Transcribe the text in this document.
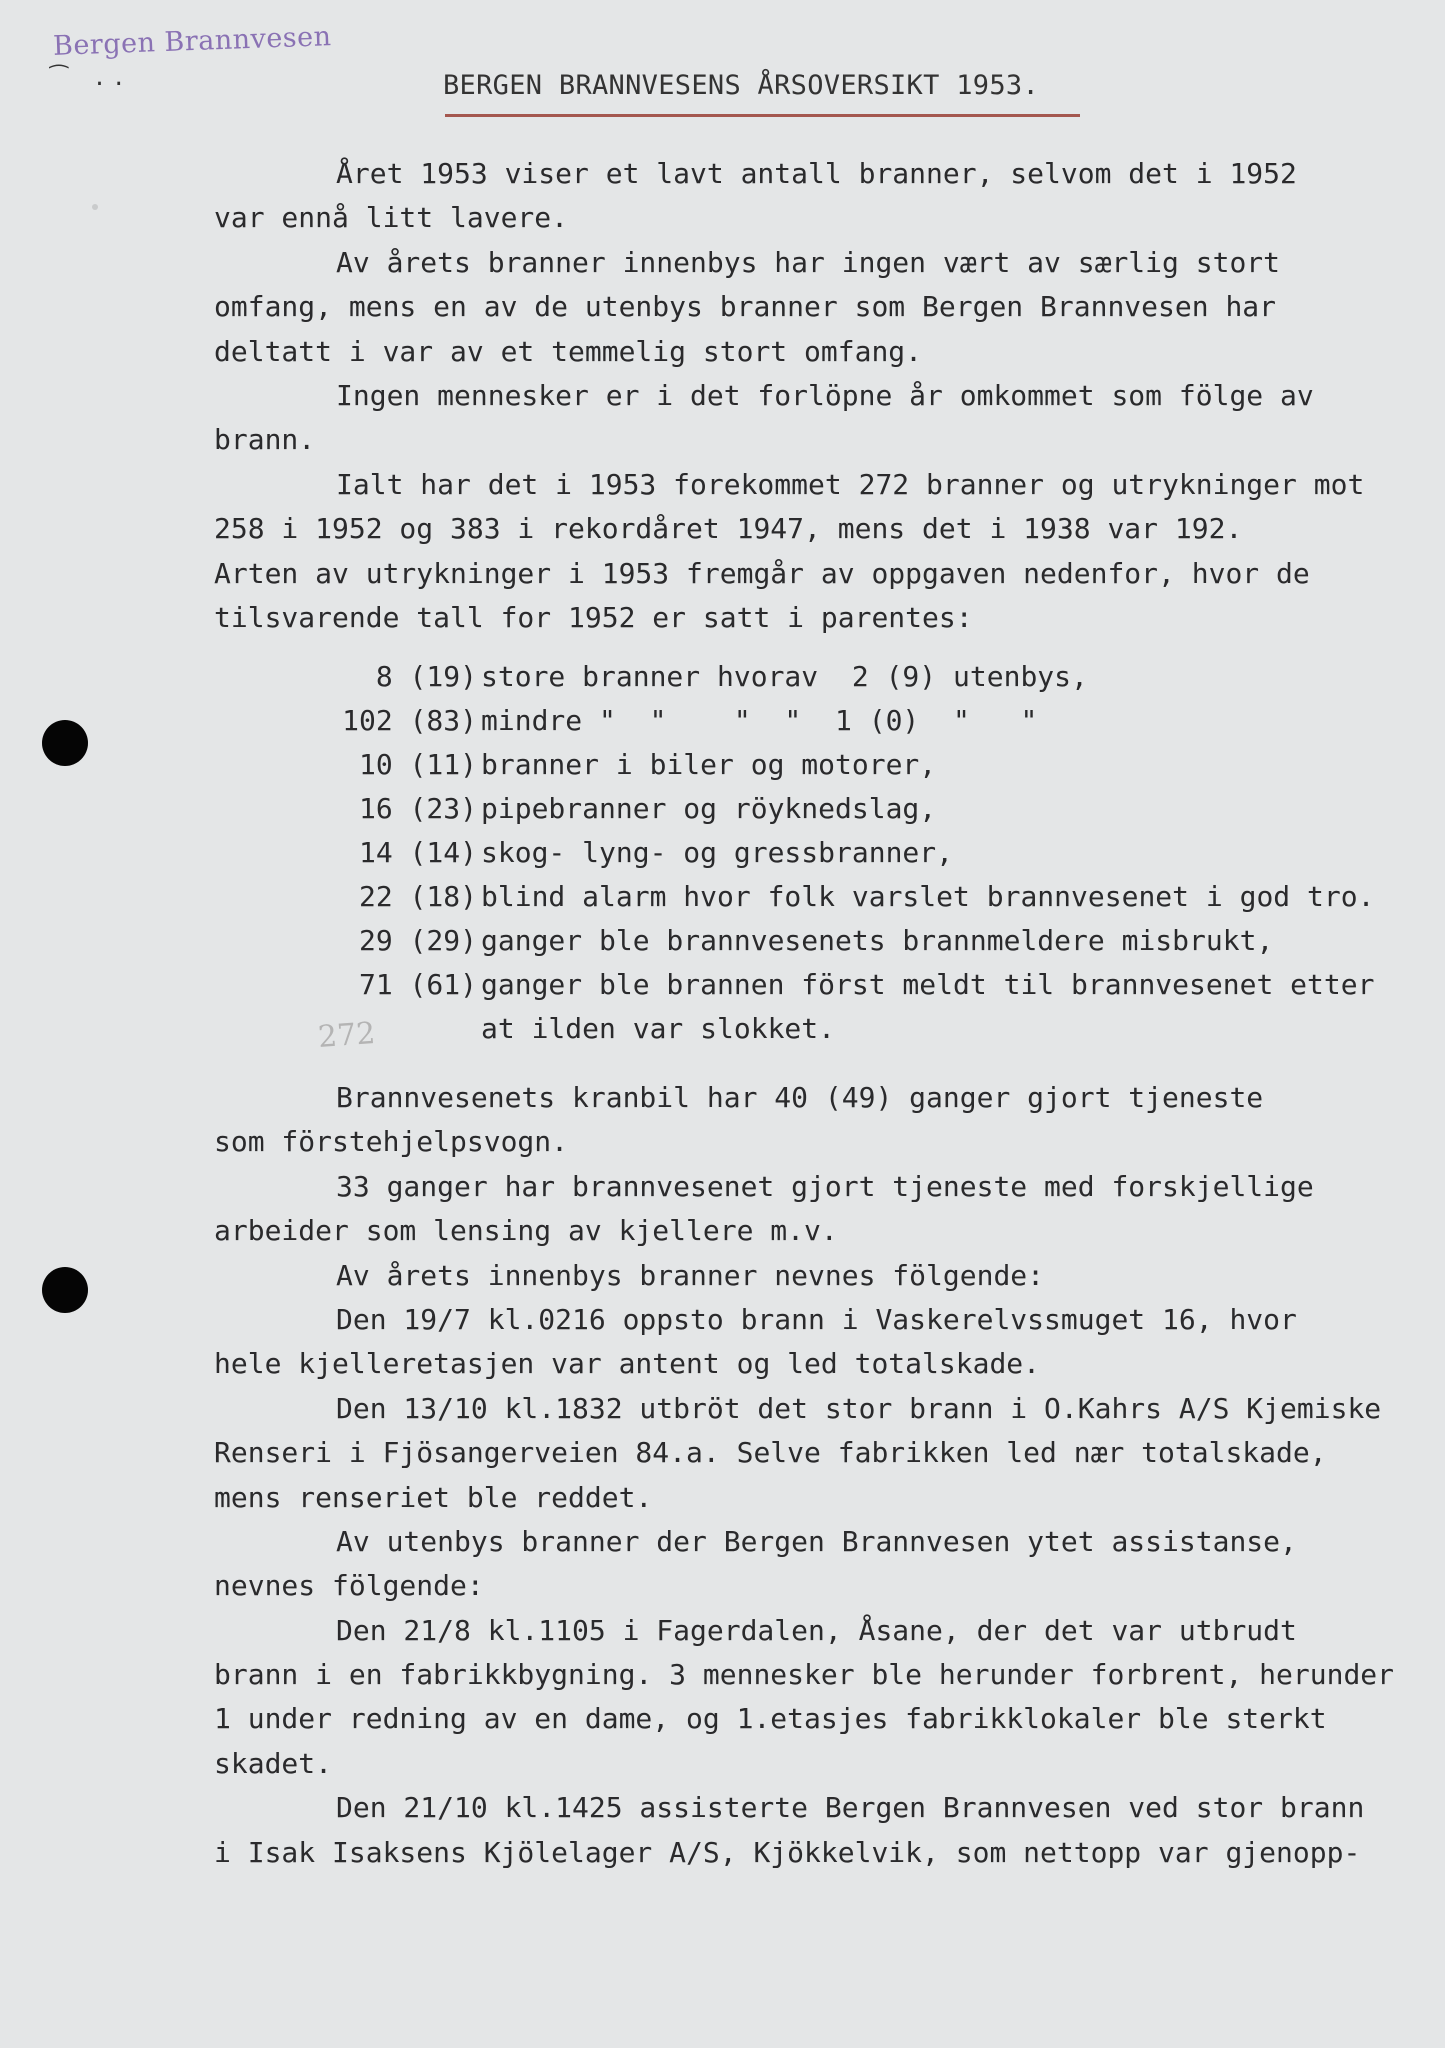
Bergen Brannvesen
⁀ ..	BERGEN BRANNVESENS ÅRSOVERSIKT 1953.
Året 1953 viser et lavt antall branner, selvom det i 1952
var ennå litt lavere.
Av årets branner innenbys har ingen vært av særlig stort
omfang, mens en av de utenbys branner som Bergen Brannvesen har
deltatt i var av et temmelig stort omfang.
Ingen mennesker er i det forlöpne år omkommet som fölge av
brann.
Ialt har det i 1953 forekommet 272 branner og utrykninger mot
258 i 1952 og 383 i rekordåret 1947, mens det i 1938 var 192.
Arten av utrykninger i 1953 fremgår av oppgaven nedenfor, hvor de
tilsvarende tall for 1952 er satt i parentes:
8 (19) store branner hvorav  2 (9) utenbys,
102 (83) mindre "  "    "  "  1 (0)  "   "
10 (11) branner i biler og motorer,
16 (23) pipebranner og röyknedslag,
14 (14) skog- lyng- og gressbranner,
22 (18) blind alarm hvor folk varslet brannvesenet i god tro.
29 (29) ganger ble brannvesenets brannmeldere misbrukt,
71 (61) ganger ble brannen först meldt til brannvesenet etter
at ilden var slokket.
272
Brannvesenets kranbil har 40 (49) ganger gjort tjeneste
som förstehjelpsvogn.
33 ganger har brannvesenet gjort tjeneste med forskjellige
arbeider som lensing av kjellere m.v.
Av årets innenbys branner nevnes fölgende:
Den 19/7 kl.0216 oppsto brann i Vaskerelvssmuget 16, hvor
hele kjelleretasjen var antent og led totalskade.
Den 13/10 kl.1832 utbröt det stor brann i O.Kahrs A/S Kjemiske
Renseri i Fjösangerveien 84.a. Selve fabrikken led nær totalskade,
mens renseriet ble reddet.
Av utenbys branner der Bergen Brannvesen ytet assistanse,
nevnes fölgende:
Den 21/8 kl.1105 i Fagerdalen, Åsane, der det var utbrudt
brann i en fabrikkbygning. 3 mennesker ble herunder forbrent, herunder
1 under redning av en dame, og 1.etasjes fabrikklokaler ble sterkt
skadet.
Den 21/10 kl.1425 assisterte Bergen Brannvesen ved stor brann
i Isak Isaksens Kjölelager A/S, Kjökkelvik, som nettopp var gjenopp-
